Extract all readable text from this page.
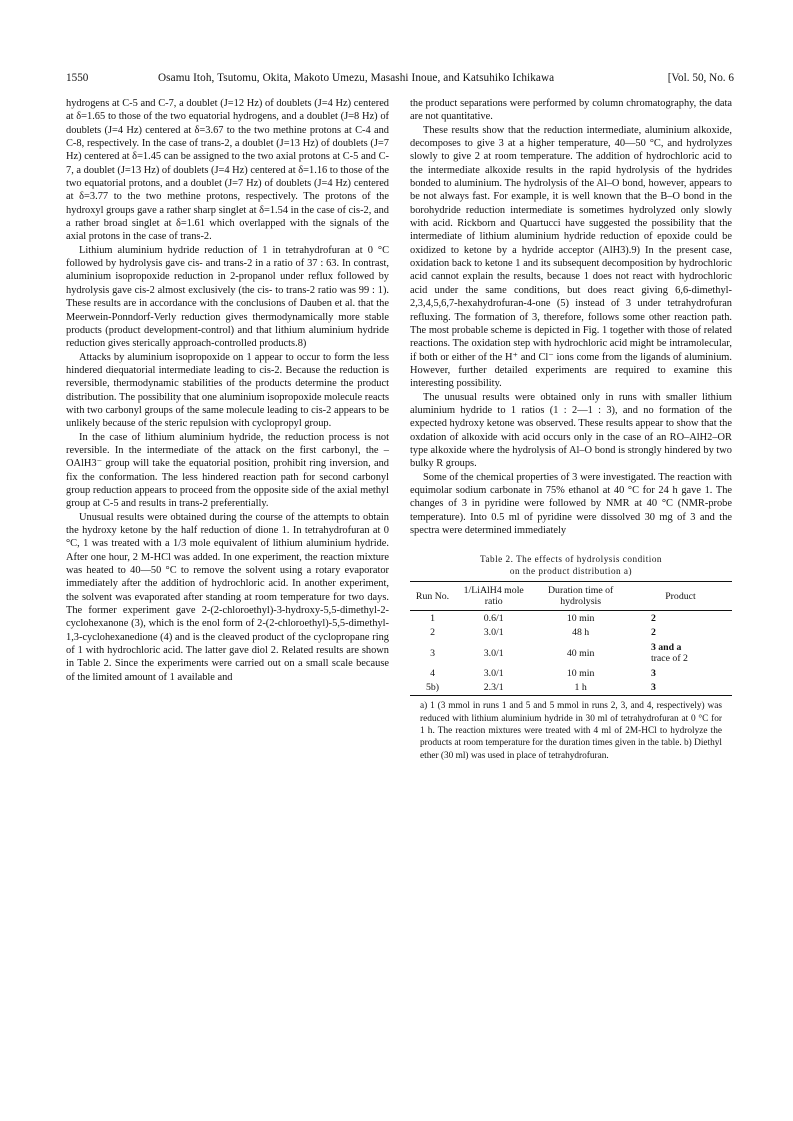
1550	Osamu Itoh, Tsutomu, Okita, Makoto Umezu, Masashi Inoue, and Katsuhiko Ichikawa	[Vol. 50, No. 6

hydrogens at C-5 and C-7, a doublet (J=12 Hz) of doublets (J=4 Hz) centered at δ=1.65 to those of the two equatorial hydrogens, and a doublet (J=8 Hz) of doublets (J=4 Hz) centered at δ=3.67 to the two methine protons at C-4 and C-8, respectively. In the case of trans-2, a doublet (J=13 Hz) of doublets (J=7 Hz) centered at δ=1.45 can be assigned to the two axial protons at C-5 and C-7, a doublet (J=13 Hz) of doublets (J=4 Hz) centered at δ=1.16 to those of the two equatorial protons, and a doublet (J=7 Hz) of doublets (J=4 Hz) centered at δ=3.77 to the two methine protons, respectively. The protons of the hydroxyl groups gave a rather sharp singlet at δ=1.54 in the case of cis-2, and a rather broad singlet at δ=1.61 which overlapped with the signals of the axial protons in the case of trans-2.

Lithium aluminium hydride reduction of 1 in tetrahydrofuran at 0 °C followed by hydrolysis gave cis- and trans-2 in a ratio of 37 : 63. In contrast, aluminium isopropoxide reduction in 2-propanol under reflux followed by hydrolysis gave cis-2 almost exclusively (the cis- to trans-2 ratio was 99 : 1). These results are in accordance with the conclusions of Dauben et al. that the Meerwein-Ponndorf-Verly reduction gives thermodynamically more stable products (product development-control) and that lithium aluminium hydride reduction gives sterically approach-controlled products.8)

Attacks by aluminium isopropoxide on 1 appear to occur to form the less hindered diequatorial intermediate leading to cis-2. Because the reduction is reversible, thermodynamic stabilities of the products determine the product distribution. The possibility that one aluminium isopropoxide molecule reacts with two carbonyl groups of the same molecule leading to cis-2 appears to be unlikely because of the steric repulsion with cyclopropyl group.

In the case of lithium aluminium hydride, the reduction process is not reversible. In the intermediate of the attack on the first carbonyl, the –OAlH3⁻ group will take the equatorial position, prohibit ring inversion, and fix the conformation. The less hindered reaction path for second carbonyl group reduction appears to proceed from the opposite side of the axial methyl group at C-5 and results in trans-2 preferentially.

Unusual results were obtained during the course of the attempts to obtain the hydroxy ketone by the half reduction of dione 1. In tetrahydrofuran at 0 °C, 1 was treated with a 1/3 mole equivalent of lithium aluminium hydride. After one hour, 2 M-HCl was added. In one experiment, the reaction mixture was heated to 40—50 °C to remove the solvent using a rotary evaporator immediately after the addition of hydrochloric acid. In another experiment, the solvent was evaporated after standing at room temperature for two days. The former experiment gave 2-(2-chloroethyl)-3-hydroxy-5,5-dimethyl-2-cyclohexanone (3), which is the enol form of 2-(2-chloroethyl)-5,5-dimethyl-1,3-cyclohexanedione (4) and is the cleaved product of the cyclopropane ring of 1 with hydrochloric acid. The latter gave diol 2. Related results are shown in Table 2. Since the experiments were carried out on a small scale because of the limited amount of 1 available and

the product separations were performed by column chromatography, the data are not quantitative.

These results show that the reduction intermediate, aluminium alkoxide, decomposes to give 3 at a higher temperature, 40—50 °C, and hydrolyzes slowly to give 2 at room temperature. The addition of hydrochloric acid to the intermediate alkoxide results in the rapid hydrolysis of the hydrides bonded to aluminium. The hydrolysis of the Al–O bond, however, appears to be not always fast. For example, it is well known that the B–O bond in the borohydride reduction intermediate is sometimes hydrolyzed only slowly with acid. Rickborn and Quartucci have suggested the possibility that the intermediate of lithium aluminium hydride reduction of epoxide could be oxidized to ketone by a hydride acceptor (AlH3).9) In the present case, oxidation back to ketone 1 and its subsequent decomposition by hydrochloric acid cannot explain the results, because 1 does not react with hydrochloric acid under the same conditions, but does react giving 6,6-dimethyl-2,3,4,5,6,7-hexahydrofuran-4-one (5) instead of 3 under tetrahydrofuran refluxing. The formation of 3, therefore, follows some other reaction path. The most probable scheme is depicted in Fig. 1 together with those of related reactions. The oxidation step with hydrochloric acid might be intramolecular, if both or either of the H⁺ and Cl⁻ ions come from the ligands of aluminium. However, further detailed experiments are required to examine this interesting possibility.

The unusual results were obtained only in runs with smaller lithium aluminium hydride to 1 ratios (1 : 2—1 : 3), and no formation of the expected hydroxy ketone was observed. These results appear to show that the oxdation of alkoxide with acid occurs only in the case of an RO–AlH2–OR type alkoxide where the hydrolysis of Al–O bond is strongly hindered by two bulky R groups.

Some of the chemical properties of 3 were investigated. The reaction with equimolar sodium carbonate in 75% ethanol at 40 °C for 24 h gave 1. The changes of 3 in pyridine were followed by NMR at 40 °C (NMR-probe temperature). Into 0.5 ml of pyridine were dissolved 30 mg of 3 and the spectra were determined immediately

Table 2. The effects of hydrolysis condition
on the product distribution a)
Run No.	1/LiAlH4 mole ratio	Duration time of hydrolysis	Product
1	0.6/1	10 min	2
2	3.0/1	48 h	2
3	3.0/1	40 min	3 and a
trace of 2
4	3.0/1	10 min	3
5b)	2.3/1	1 h	3
a) 1 (3 mmol in runs 1 and 5 and 5 mmol in runs 2, 3, and 4, respectively) was reduced with lithium aluminium hydride in 30 ml of tetrahydrofuran at 0 °C for 1 h. The reaction mixtures were treated with 4 ml of 2M-HCl to hydrolyze the products at room temperature for the duration times given in the table. b) Diethyl ether (30 ml) was used in place of tetrahydrofuran.
